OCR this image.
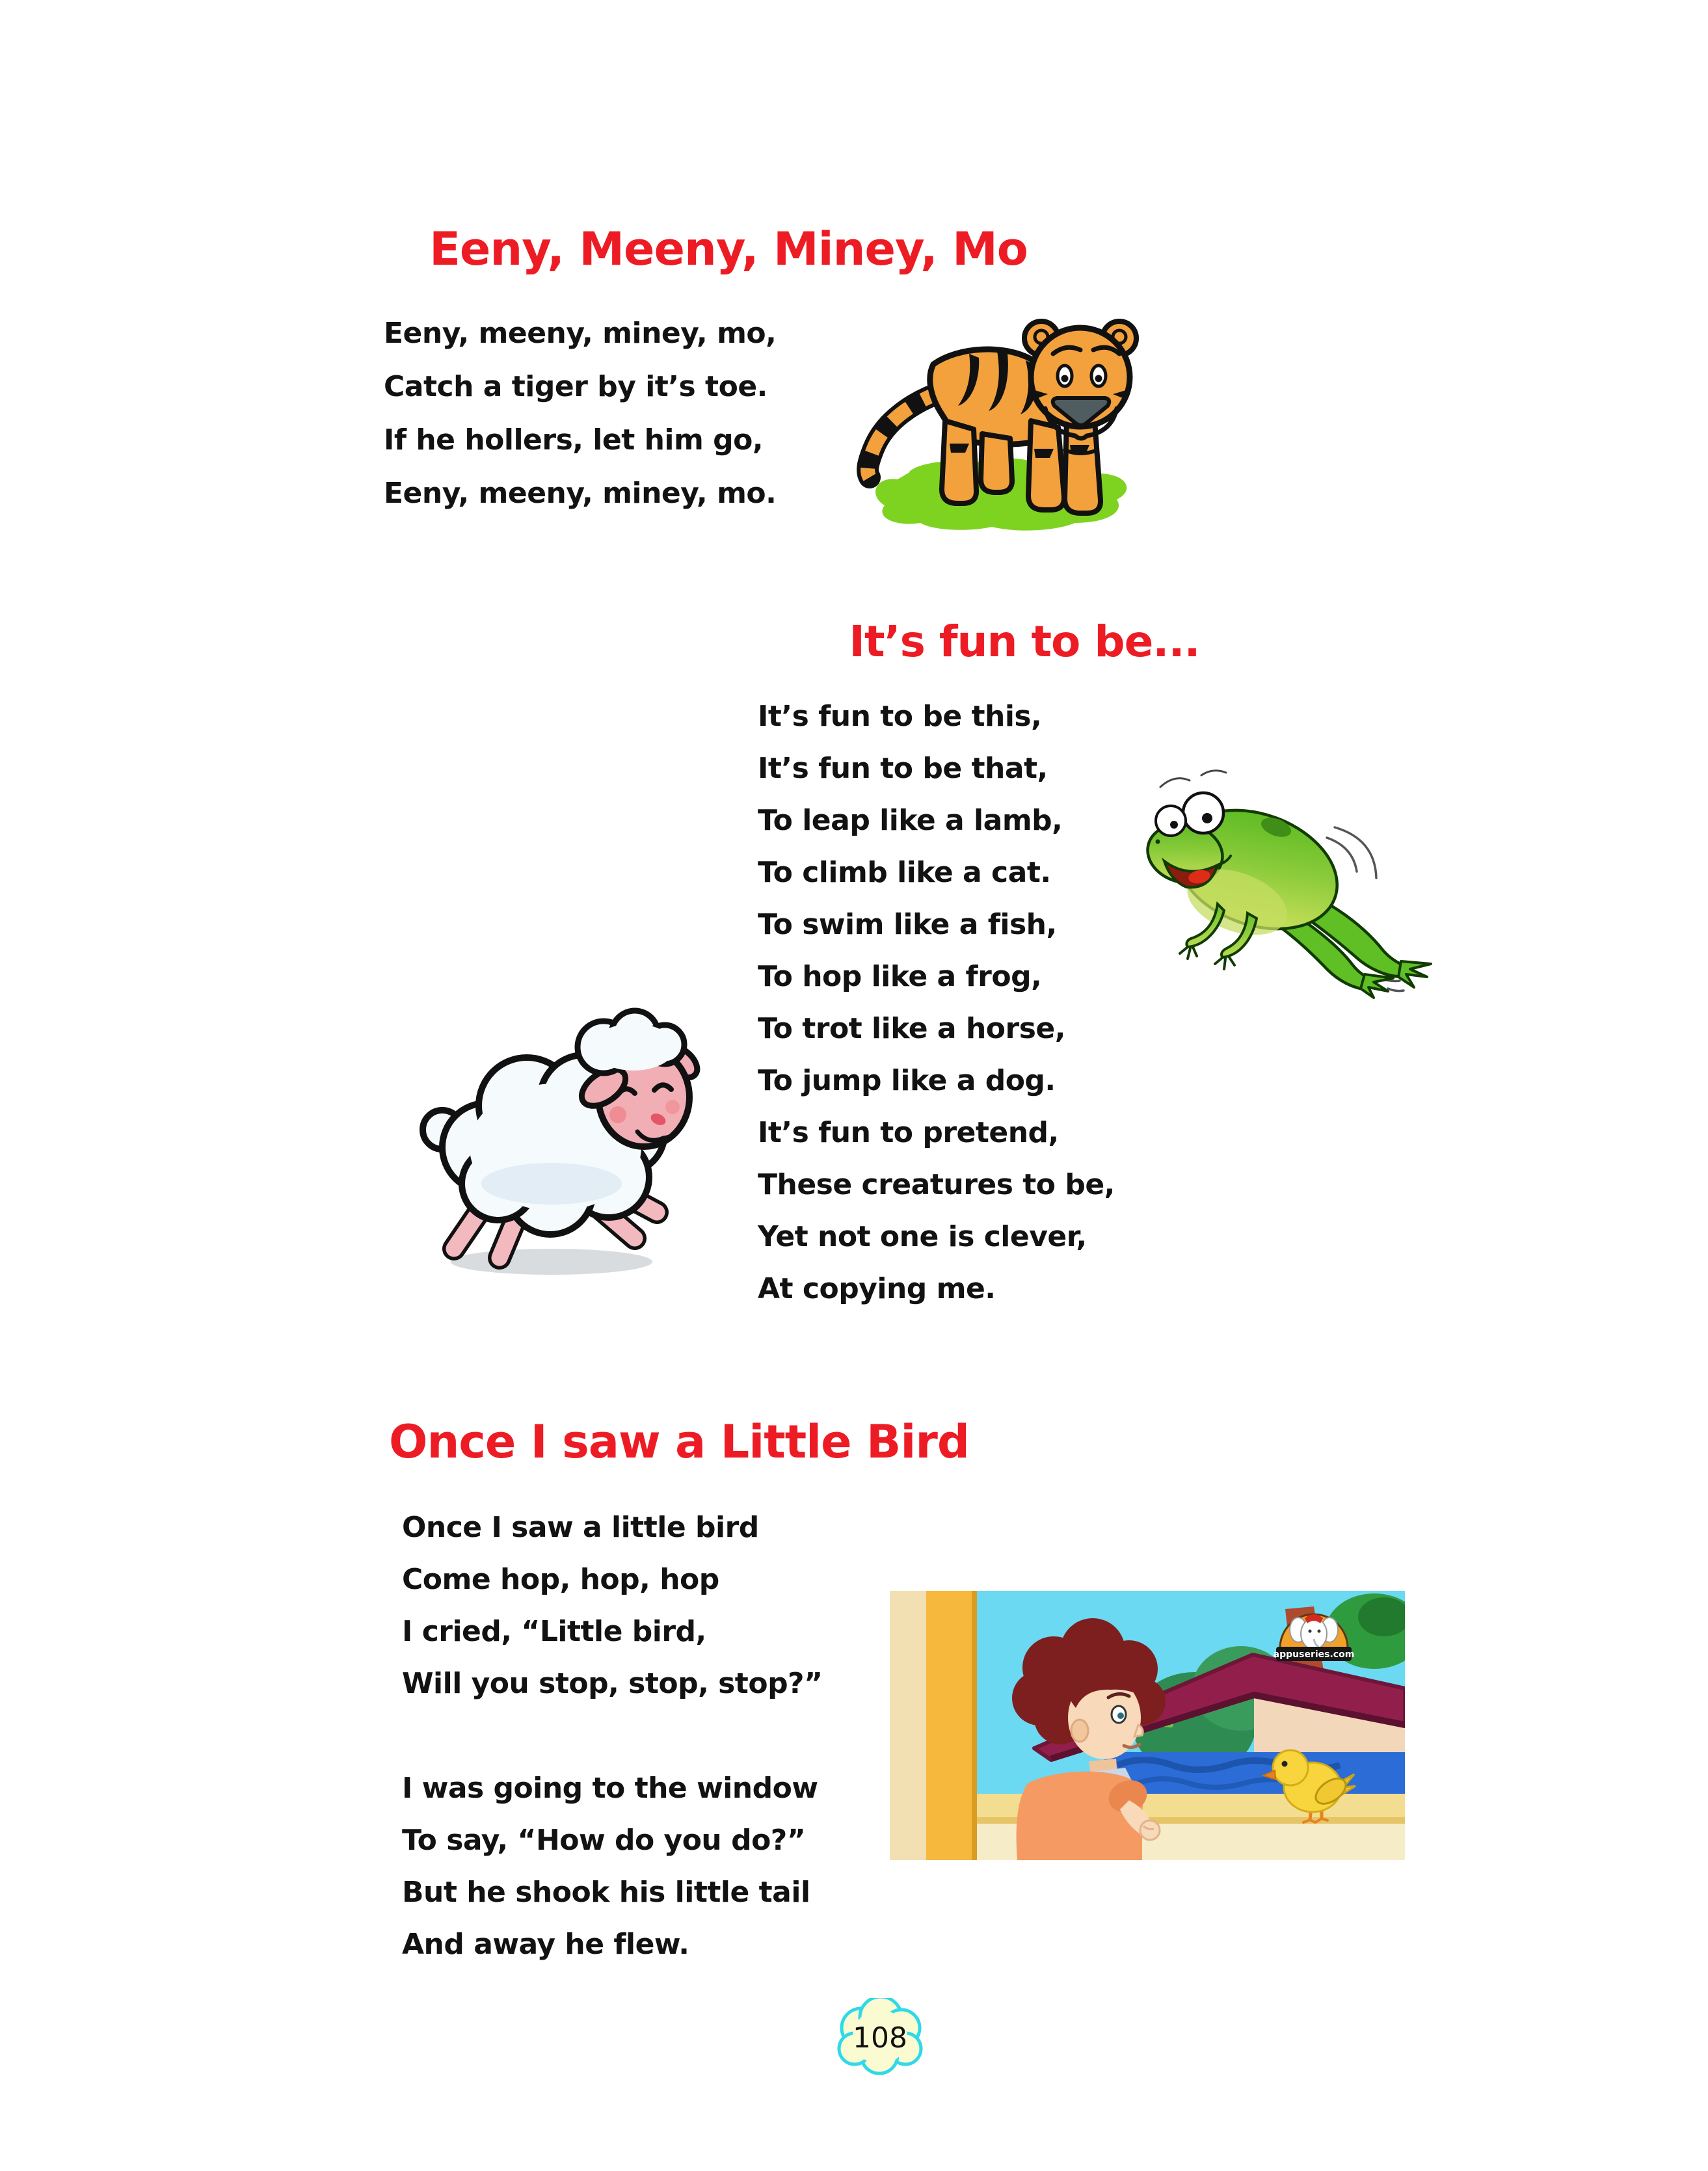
Eeny, Meeny, Miney, Mo
Eeny, meeny, miney, mo,
Catch a tiger by it’s toe.
If he hollers, let him go,
Eeny, meeny, miney, mo.
It’s fun to be...
It’s fun to be this,
It’s fun to be that,
To leap like a lamb,
To climb like a cat.
To swim like a fish,
To hop like a frog,
To trot like a horse,
To jump like a dog.
It’s fun to pretend,
These creatures to be,
Yet not one is clever,
At copying me.
Once I saw a Little Bird
Once I saw a little bird
Come hop, hop, hop
I cried, “Little bird,
Will you stop, stop, stop?”
I was going to the window
To say, “How do you do?”
But he shook his little tail
And away he flew.
appuseries.com
108
